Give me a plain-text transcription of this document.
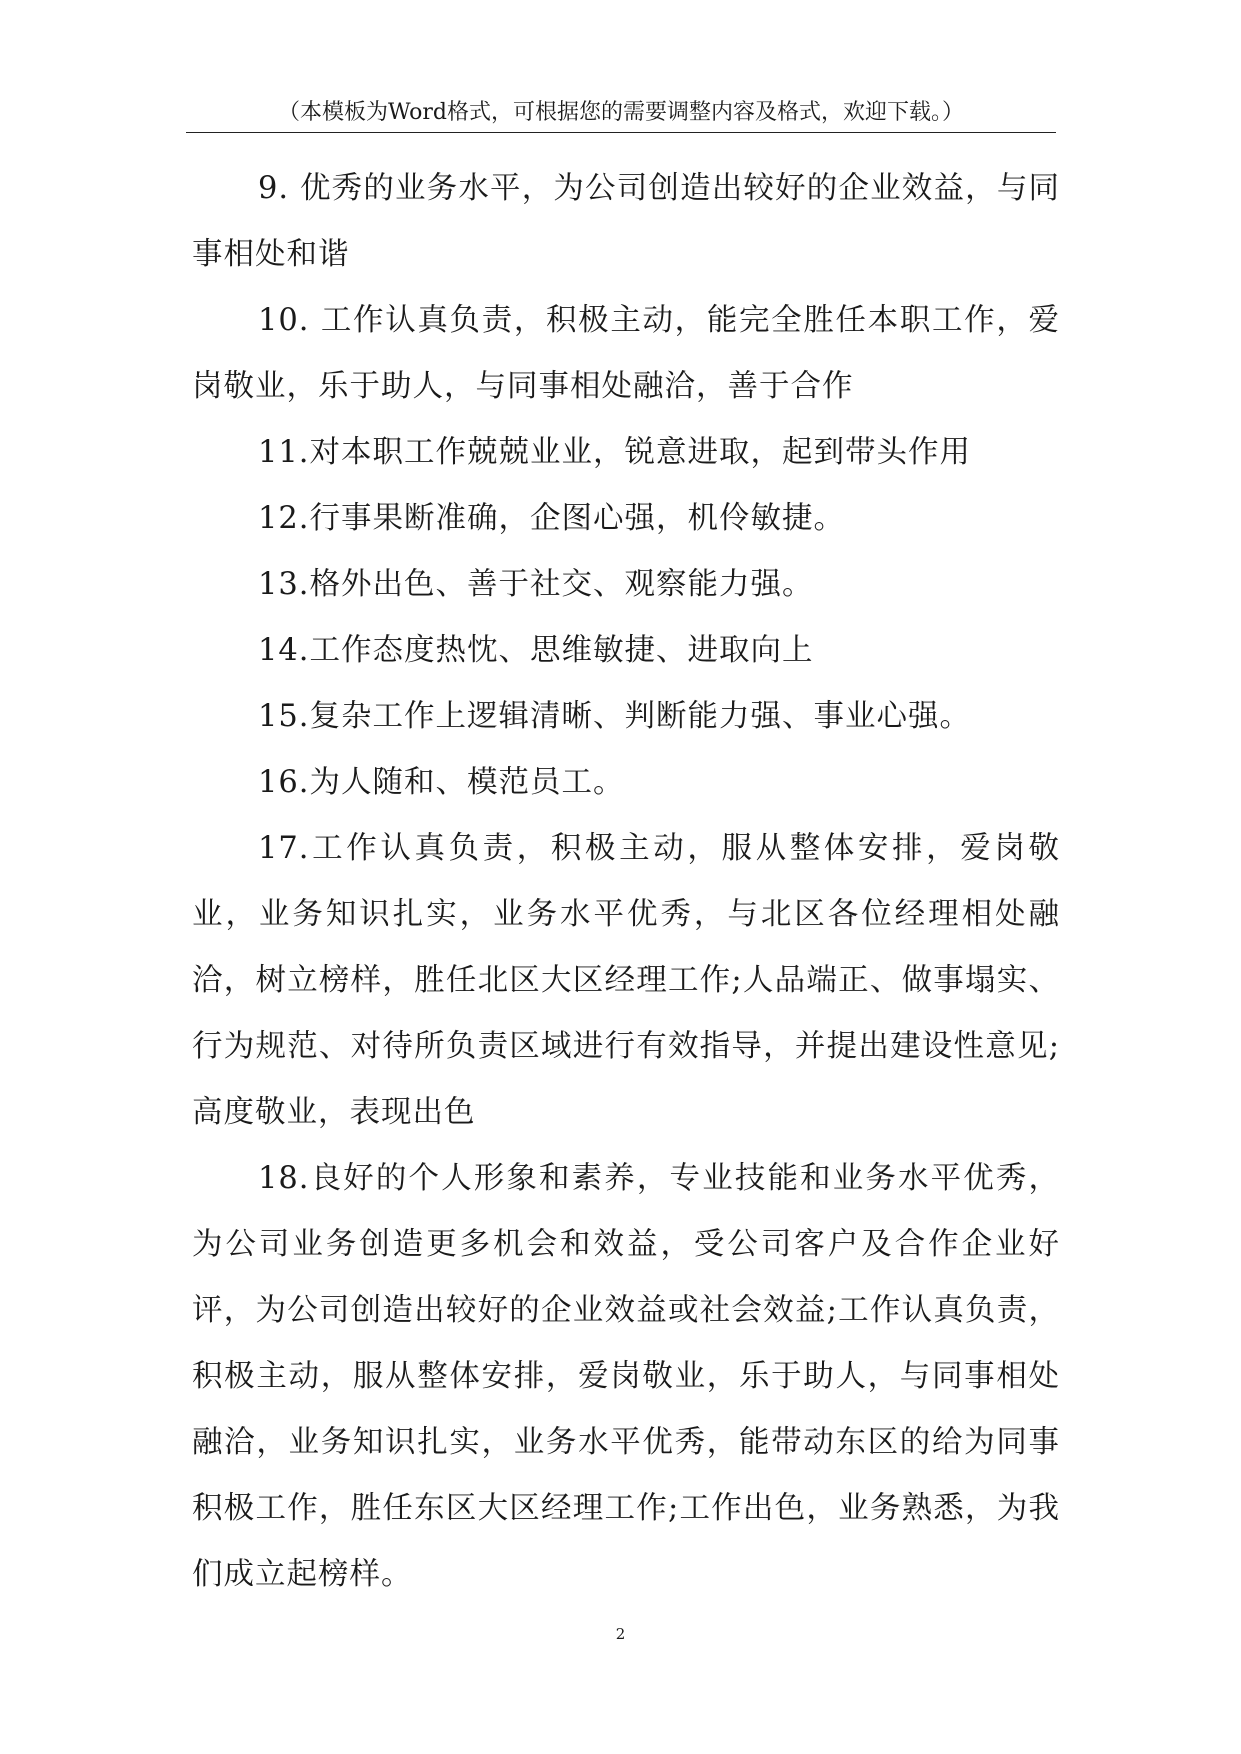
（本模板为Word格式，可根据您的需要调整内容及格式，欢迎下载。）

9. 优秀的业务水平，为公司创造出较好的企业效益，与同事相处和谐

10. 工作认真负责，积极主动，能完全胜任本职工作，爱岗敬业，乐于助人，与同事相处融洽，善于合作

11.对本职工作兢兢业业，锐意进取，起到带头作用

12.行事果断准确，企图心强，机伶敏捷。

13.格外出色、善于社交、观察能力强。

14.工作态度热忱、思维敏捷、进取向上

15.复杂工作上逻辑清晰、判断能力强、事业心强。

16.为人随和、模范员工。

17.工作认真负责，积极主动，服从整体安排，爱岗敬业，业务知识扎实，业务水平优秀，与北区各位经理相处融洽，树立榜样，胜任北区大区经理工作;人品端正、做事塌实、行为规范、对待所负责区域进行有效指导，并提出建设性意见;高度敬业，表现出色

18.良好的个人形象和素养，专业技能和业务水平优秀，为公司业务创造更多机会和效益，受公司客户及合作企业好评，为公司创造出较好的企业效益或社会效益;工作认真负责，积极主动，服从整体安排，爱岗敬业，乐于助人，与同事相处融洽，业务知识扎实，业务水平优秀，能带动东区的给为同事积极工作，胜任东区大区经理工作;工作出色，业务熟悉，为我们成立起榜样。

2
